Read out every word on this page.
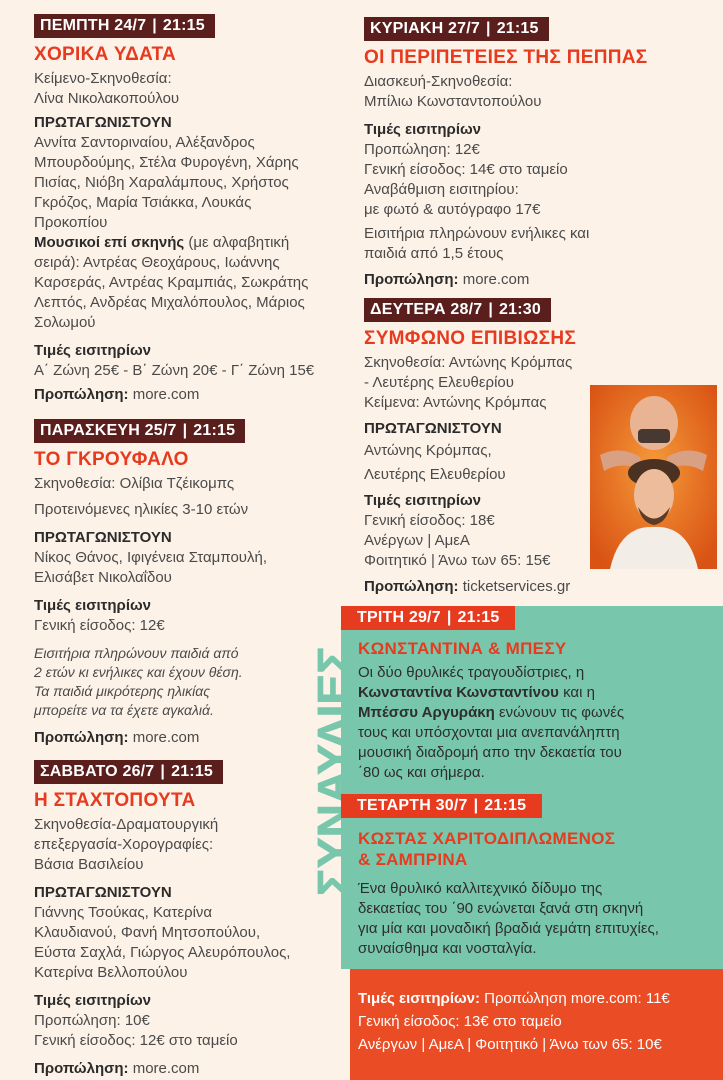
ΠΕΜΠΤΗ 24/7 | 21:15
ΧΟΡΙΚΑ ΥΔΑΤΑ
Κείμενο-Σκηνοθεσία:
Λίνα Νικολακοπούλου
ΠΡΩΤΑΓΩΝΙΣΤΟΥΝ
Αννίτα Σαντοριναίου, Αλέξανδρος
Μπουρδούμης, Στέλα Φυρογένη, Χάρης
Πισίας, Νιόβη Χαραλάμπους, Χρήστος
Γκρόζος, Μαρία Τσιάκκα, Λουκάς
Προκοπίου
Μουσικοί επί σκηνής (με αλφαβητική
σειρά): Αντρέας Θεοχάρους, Ιωάννης
Καρσεράς, Αντρέας Κραμπιάς, Σωκράτης
Λεπτός, Ανδρέας Μιχαλόπουλος, Μάριος
Σολωμού
Τιμές εισιτηρίων
Α΄ Ζώνη 25€ - Β΄ Ζώνη 20€ - Γ΄ Ζώνη 15€
Προπώληση: more.com
ΠΑΡΑΣΚΕΥΗ 25/7 | 21:15
ΤΟ ΓΚΡΟΥΦΑΛΟ
Σκηνοθεσία: Ολίβια Τζέικομπς
Προτεινόμενες ηλικίες 3-10 ετών
ΠΡΩΤΑΓΩΝΙΣΤΟΥΝ
Νίκος Θάνος, Ιφιγένεια Σταμπουλή,
Ελισάβετ Νικολαΐδου
Τιμές εισιτηρίων
Γενική είσοδος: 12€
Εισιτήρια πληρώνουν παιδιά από
2 ετών κι ενήλικες και έχουν θέση.
Τα παιδιά μικρότερης ηλικίας
μπορείτε να τα έχετε αγκαλιά.
Προπώληση: more.com
ΣΑΒΒΑΤΟ 26/7 | 21:15
Η ΣΤΑΧΤΟΠΟΥΤΑ
Σκηνοθεσία-Δραματουργική
επεξεργασία-Χορογραφίες:
Βάσια Βασιλείου
ΠΡΩΤΑΓΩΝΙΣΤΟΥΝ
Γιάννης Τσούκας, Κατερίνα
Κλαυδιανού, Φανή Μητσοπούλου,
Εύστα Σαχλά, Γιώργος Αλευρόπουλος,
Κατερίνα Βελλοπούλου
Τιμές εισιτηρίων
Προπώληση: 10€
Γενική είσοδος: 12€ στο ταμείο
Προπώληση: more.com
ΚΥΡΙΑΚΗ 27/7 | 21:15
ΟΙ ΠΕΡΙΠΕΤΕΙΕΣ ΤΗΣ ΠΕΠΠΑΣ
Διασκευή-Σκηνοθεσία:
Μπίλιω Κωνσταντοπούλου
Τιμές εισιτηρίων
Προπώληση: 12€
Γενική είσοδος: 14€ στο ταμείο
Αναβάθμιση εισιτηρίου:
με φωτό & αυτόγραφο 17€
Εισιτήρια πληρώνουν ενήλικες και
παιδιά από 1,5 έτους
Προπώληση: more.com
ΔΕΥΤΕΡΑ 28/7 | 21:30
ΣΥΜΦΩΝΟ ΕΠΙΒΙΩΣΗΣ
Σκηνοθεσία: Αντώνης Κρόμπας
- Λευτέρης Ελευθερίου
Κείμενα: Αντώνης Κρόμπας
ΠΡΩΤΑΓΩΝΙΣΤΟΥΝ
Αντώνης Κρόμπας,
Λευτέρης Ελευθερίου
Τιμές εισιτηρίων
Γενική είσοδος: 18€
Ανέργων | ΑμεΑ
Φοιτητικό | Άνω των 65: 15€
Προπώληση: ticketservices.gr
ΣΥΝΑΥΛΙΕΣ
ΤΡΙΤΗ 29/7 | 21:15
ΚΩΝΣΤΑΝΤΙΝΑ & ΜΠΕΣΥ
Οι δύο θρυλικές τραγουδίστριες, η
Κωνσταντίνα Κωνσταντίνου και η
Μπέσσυ Αργυράκη ενώνουν τις φωνές
τους και υπόσχονται μια ανεπανάληπτη
μουσική διαδρομή απο την δεκαετία του
΄80 ως και σήμερα.
ΤΕΤΑΡΤΗ 30/7 | 21:15
ΚΩΣΤΑΣ ΧΑΡΙΤΟΔΙΠΛΩΜΕΝΟΣ
& ΣΑΜΠΡΙΝΑ
Ένα θρυλικό καλλιτεχνικό δίδυμο της
δεκαετίας του ΄90 ενώνεται ξανά στη σκηνή
για μία και μοναδική βραδιά γεμάτη επιτυχίες,
συναίσθημα και νοσταλγία.
Τιμές εισιτηρίων: Προπώληση more.com: 11€
Γενική είσοδος: 13€ στο ταμείο
Ανέργων | ΑμεΑ | Φοιτητικό | Άνω των 65: 10€
